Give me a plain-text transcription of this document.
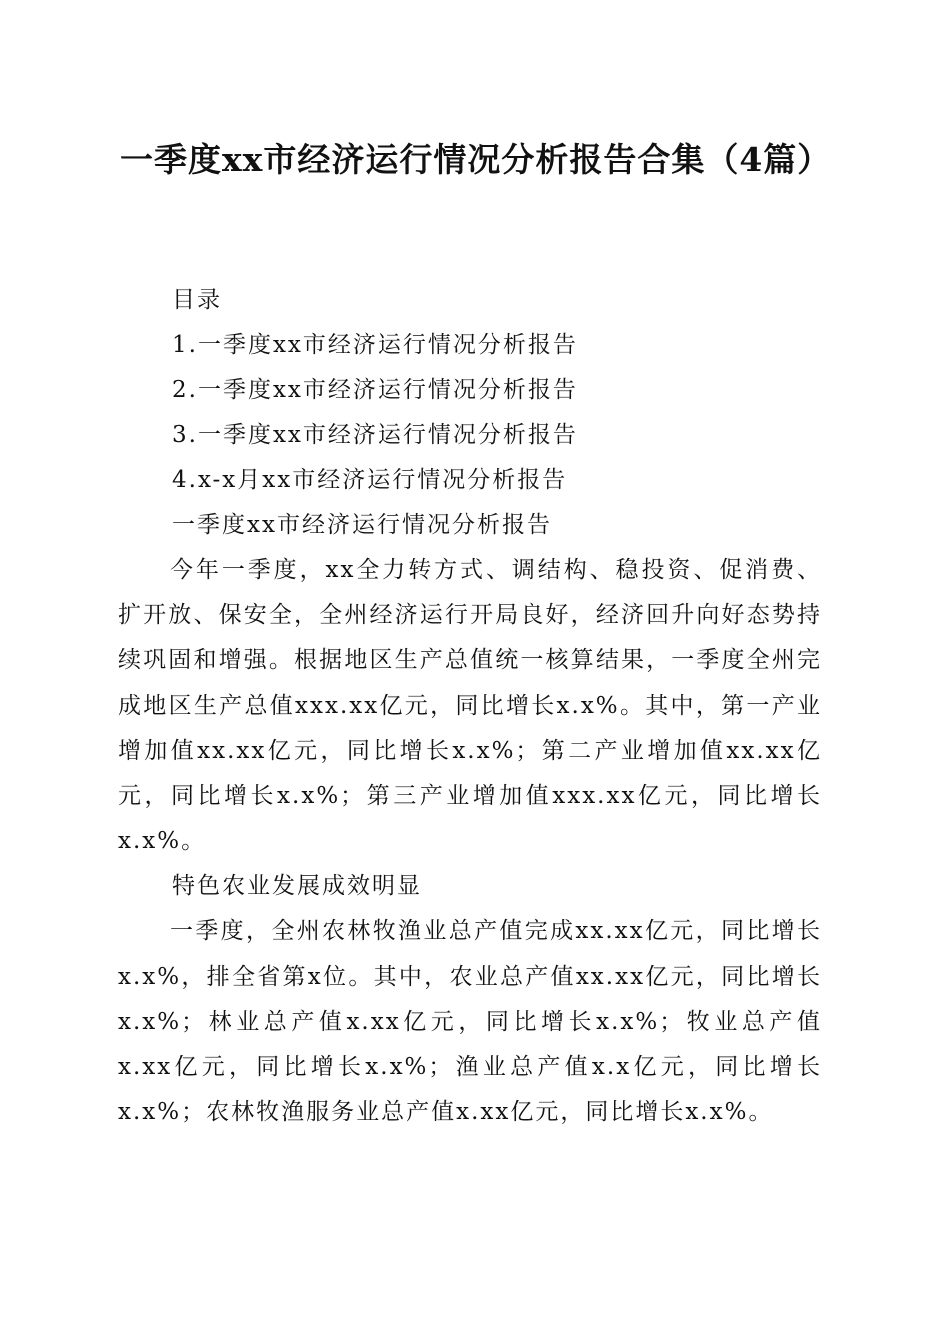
一季度xx市经济运行情况分析报告合集（4篇）

目录

1.一季度xx市经济运行情况分析报告

2.一季度xx市经济运行情况分析报告

3.一季度xx市经济运行情况分析报告

4.x-x月xx市经济运行情况分析报告

一季度xx市经济运行情况分析报告

今年一季度，xx全力转方式、调结构、稳投资、促消费、扩开放、保安全，全州经济运行开局良好，经济回升向好态势持续巩固和增强。根据地区生产总值统一核算结果，一季度全州完成地区生产总值xxx.xx亿元，同比增长x.x%。其中，第一产业增加值xx.xx亿元，同比增长x.x%；第二产业增加值xx.xx亿元，同比增长x.x%；第三产业增加值xxx.xx亿元，同比增长x.x%。

特色农业发展成效明显

一季度，全州农林牧渔业总产值完成xx.xx亿元，同比增长x.x%，排全省第x位。其中，农业总产值xx.xx亿元，同比增长x.x%；林业总产值x.xx亿元，同比增长x.x%；牧业总产值x.xx亿元，同比增长x.x%；渔业总产值x.x亿元，同比增长x.x%；农林牧渔服务业总产值x.xx亿元，同比增长x.x%。
